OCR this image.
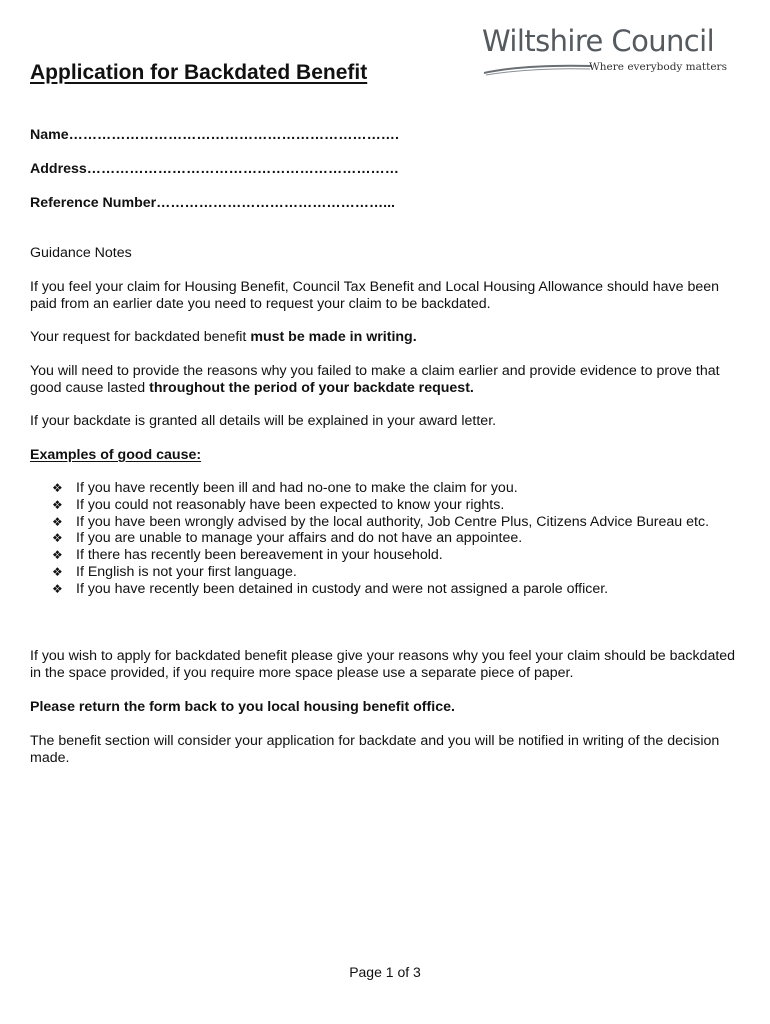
Wiltshire Council
Where everybody matters
Application for Backdated Benefit
Name…………………………………………………………….
Address…………………………………………………………
Reference Number…………………………………………...

Guidance Notes

If you feel your claim for Housing Benefit, Council Tax Benefit and Local Housing Allowance should have been paid from an earlier date you need to request your claim to be backdated.

Your request for backdated benefit must be made in writing.

You will need to provide the reasons why you failed to make a claim earlier and provide evidence to prove that good cause lasted throughout the period of your backdate request.

If your backdate is granted all details will be explained in your award letter.

Examples of good cause:

❖ If you have recently been ill and had no-one to make the claim for you.
❖ If you could not reasonably have been expected to know your rights.
❖ If you have been wrongly advised by the local authority, Job Centre Plus, Citizens Advice Bureau etc.
❖ If you are unable to manage your affairs and do not have an appointee.
❖ If there has recently been bereavement in your household.
❖ If English is not your first language.
❖ If you have recently been detained in custody and were not assigned a parole officer.

If you wish to apply for backdated benefit please give your reasons why you feel your claim should be backdated in the space provided, if you require more space please use a separate piece of paper.

Please return the form back to you local housing benefit office.

The benefit section will consider your application for backdate and you will be notified in writing of the decision made.

Page 1 of 3
